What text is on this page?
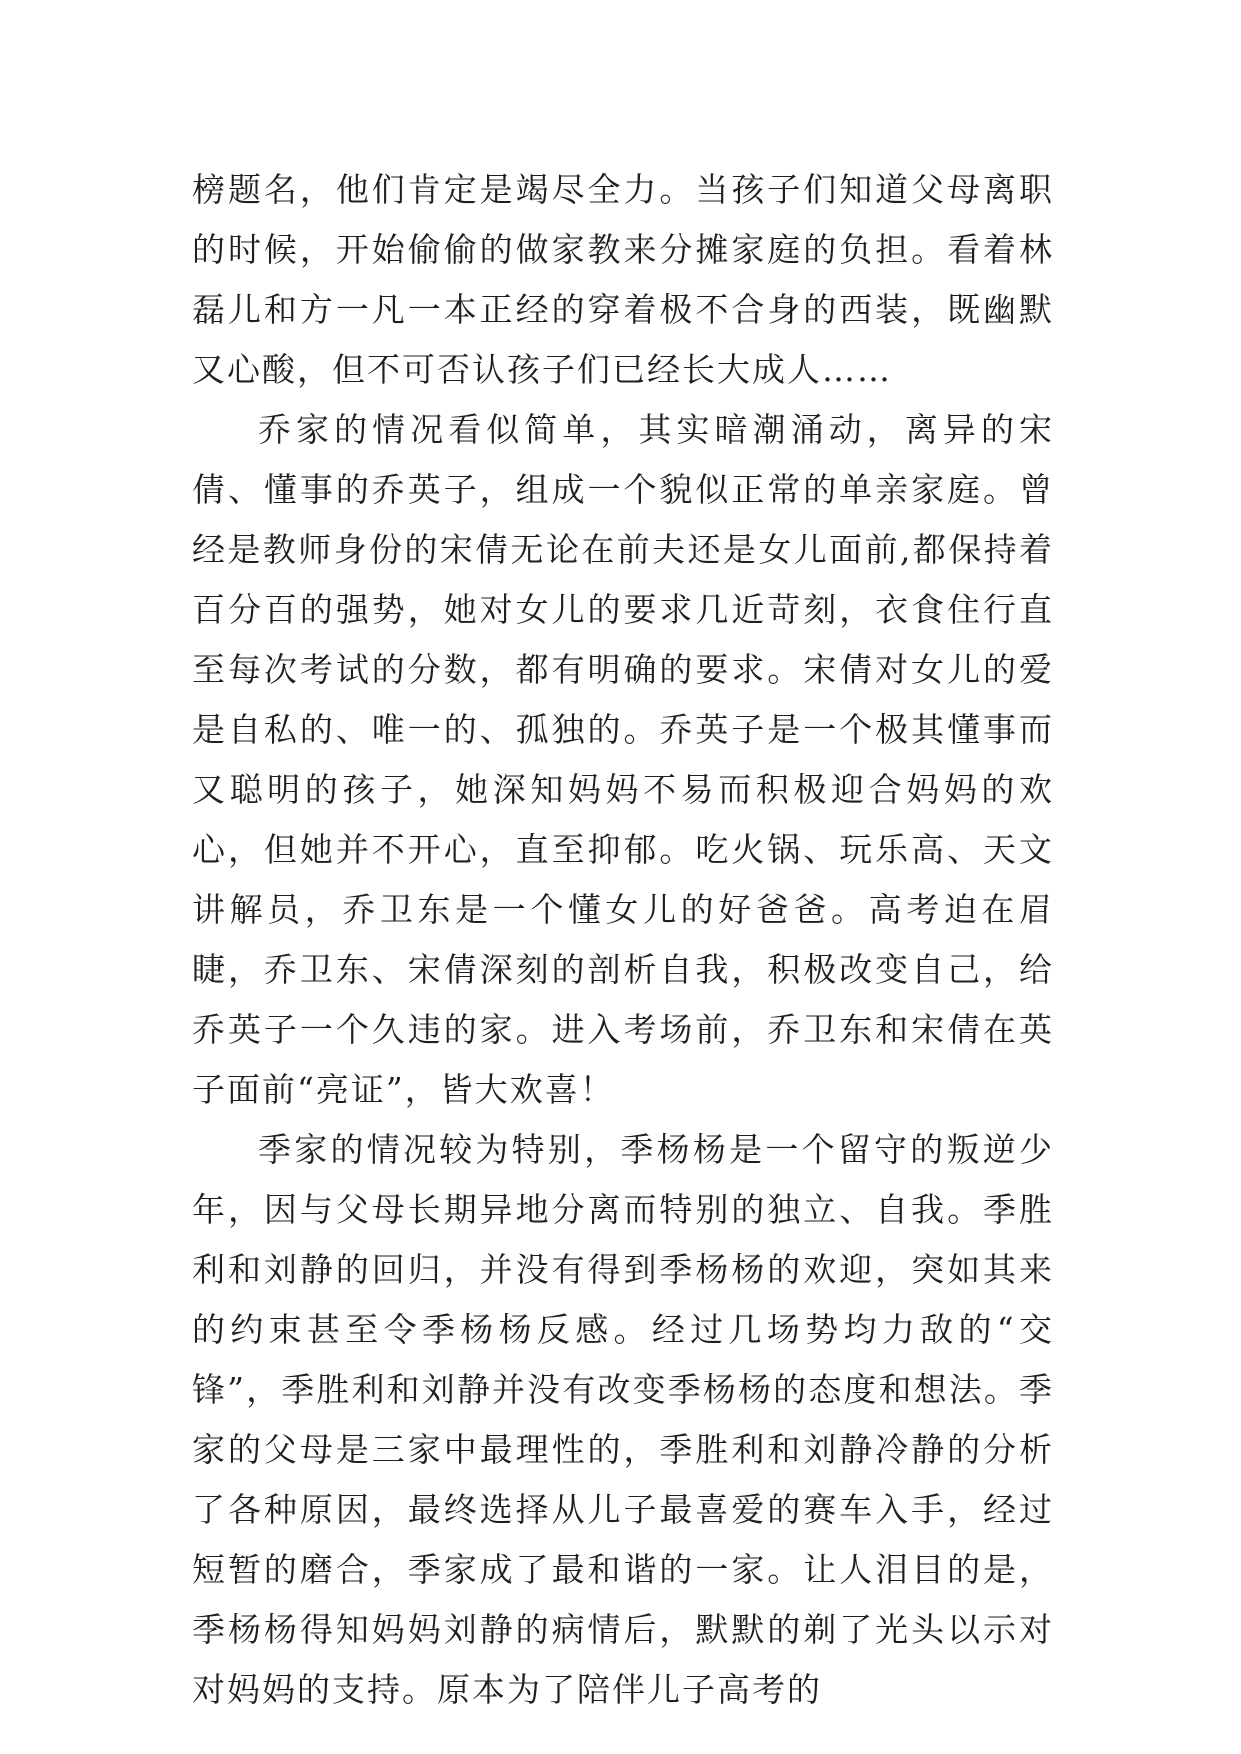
榜题名，他们肯定是竭尽全力。当孩子们知道父母离职的时候，开始偷偷的做家教来分摊家庭的负担。看着林磊儿和方一凡一本正经的穿着极不合身的西装，既幽默又心酸，但不可否认孩子们已经长大成人……

乔家的情况看似简单，其实暗潮涌动，离异的宋倩、懂事的乔英子，组成一个貌似正常的单亲家庭。曾经是教师身份的宋倩无论在前夫还是女儿面前,都保持着百分百的强势，她对女儿的要求几近苛刻，衣食住行直至每次考试的分数，都有明确的要求。宋倩对女儿的爱是自私的、唯一的、孤独的。乔英子是一个极其懂事而又聪明的孩子，她深知妈妈不易而积极迎合妈妈的欢心，但她并不开心，直至抑郁。吃火锅、玩乐高、天文讲解员，乔卫东是一个懂女儿的好爸爸。高考迫在眉睫，乔卫东、宋倩深刻的剖析自我，积极改变自己，给乔英子一个久违的家。进入考场前，乔卫东和宋倩在英子面前“亮证”，皆大欢喜！

季家的情况较为特别，季杨杨是一个留守的叛逆少年，因与父母长期异地分离而特别的独立、自我。季胜利和刘静的回归，并没有得到季杨杨的欢迎，突如其来的约束甚至令季杨杨反感。经过几场势均力敌的“交锋”，季胜利和刘静并没有改变季杨杨的态度和想法。季家的父母是三家中最理性的，季胜利和刘静冷静的分析了各种原因，最终选择从儿子最喜爱的赛车入手，经过短暂的磨合，季家成了最和谐的一家。让人泪目的是，季杨杨得知妈妈刘静的病情后，默默的剃了光头以示对对妈妈的支持。原本为了陪伴儿子高考的
